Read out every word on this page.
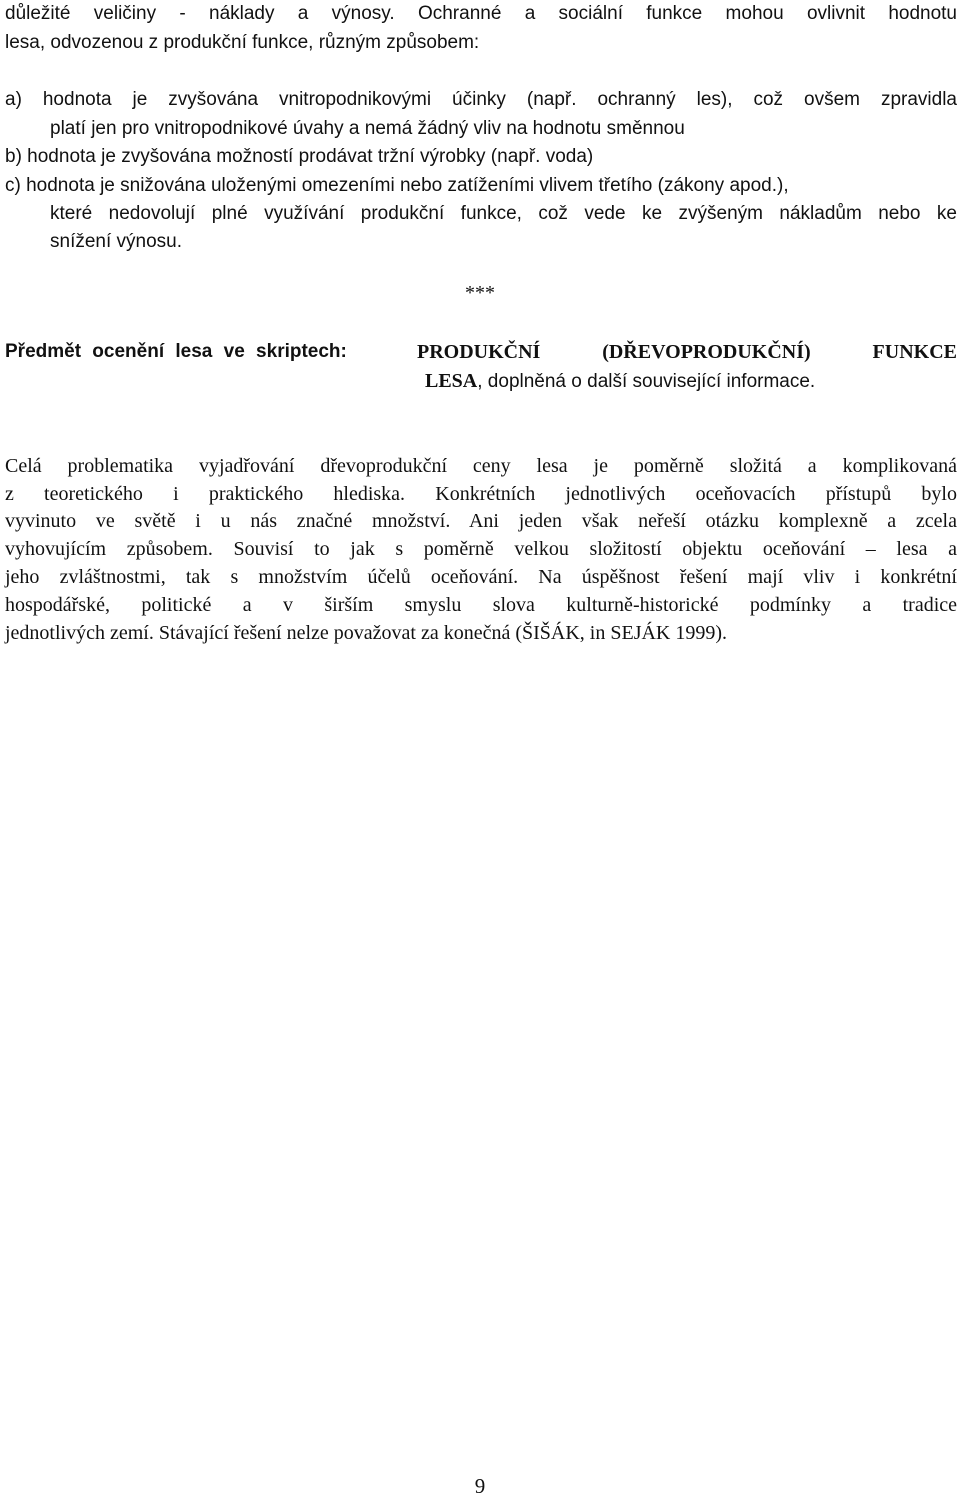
důležité veličiny - náklady a výnosy. Ochranné a sociální funkce mohou ovlivnit hodnotu
lesa, odvozenou z produkční funkce, různým způsobem:
a) hodnota je zvyšována vnitropodnikovými účinky (např. ochranný les), což ovšem zpravidla
platí jen pro vnitropodnikové úvahy a nemá žádný vliv na hodnotu směnnou
b) hodnota je zvyšována možností prodávat tržní výrobky (např. voda)
c) hodnota je snižována uloženými omezeními nebo zatíženími vlivem třetího (zákony apod.),
které nedovolují plné využívání produkční funkce, což vede ke zvýšeným nákladům nebo ke
snížení výnosu.
***
Předmět ocenění lesa ve skriptech:	PRODUKČNÍ (DŘEVOPRODUKČNÍ) FUNKCE
LESA, doplněná o další související informace.
Celá problematika vyjadřování dřevoprodukční ceny lesa je poměrně složitá a komplikovaná
z teoretického i praktického hlediska. Konkrétních jednotlivých oceňovacích přístupů bylo
vyvinuto ve světě i u nás značné množství. Ani jeden však neřeší otázku komplexně a zcela
vyhovujícím způsobem. Souvisí to jak s poměrně velkou složitostí objektu oceňování – lesa a
jeho zvláštnostmi, tak s množstvím účelů oceňování. Na úspěšnost řešení mají vliv i konkrétní
hospodářské, politické a v širším smyslu slova kulturně-historické podmínky a tradice
jednotlivých zemí. Stávající řešení nelze považovat za konečná (ŠIŠÁK, in SEJÁK 1999).
9
